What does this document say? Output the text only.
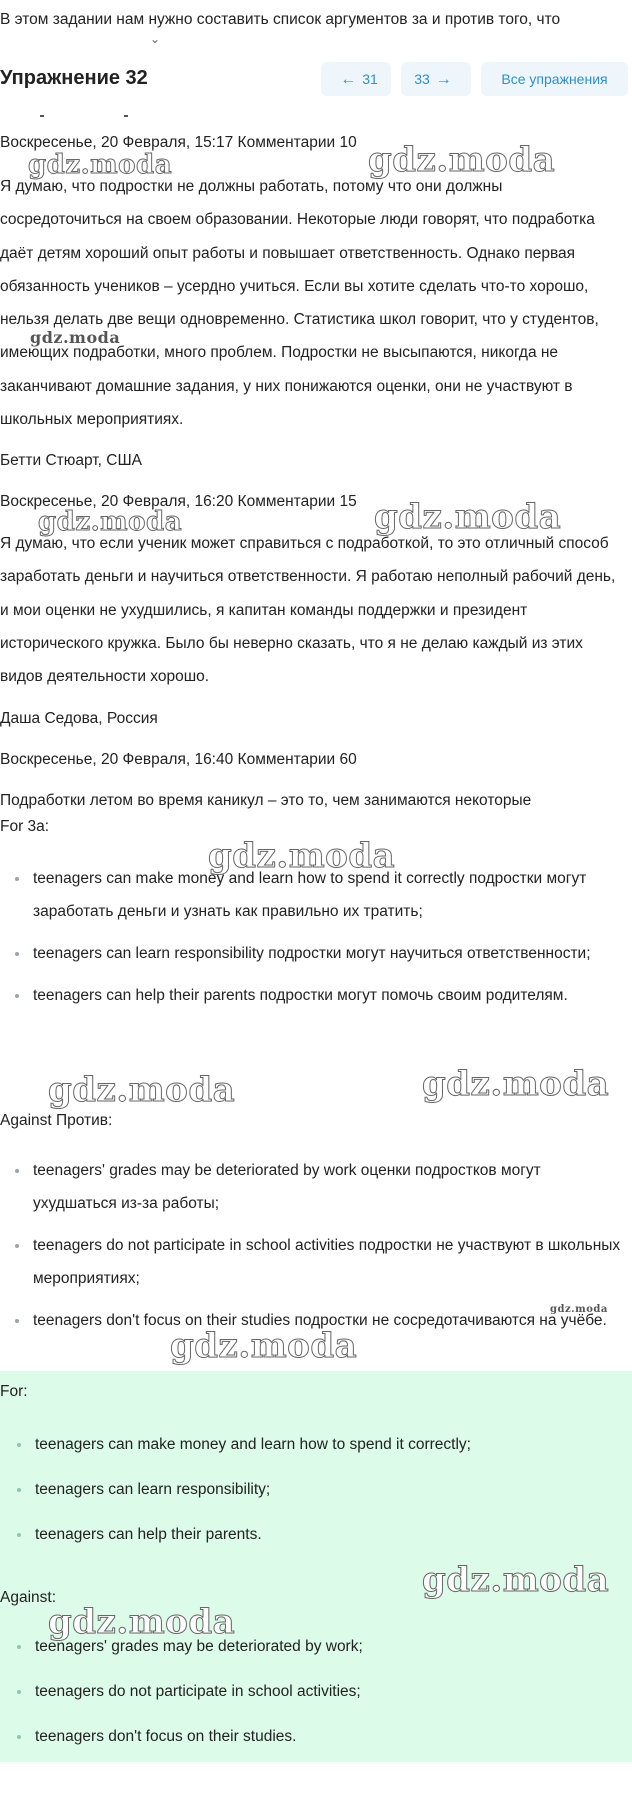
В этом задании нам нужно составить список аргументов за и против того, что

⌄
Упражнение 32	← 31	33 →	Все упражнения
Воскресенье, 20 Февраля, 15:17 Комментарии 10
Я думаю, что подростки не должны работать, потому что они должны сосредоточиться на своем образовании. Некоторые люди говорят, что подработка даёт детям хороший опыт работы и повышает ответственность. Однако первая обязанность учеников – усердно учиться. Если вы хотите сделать что-то хорошо, нельзя делать две вещи одновременно. Статистика школ говорит, что у студентов, имеющих подработки, много проблем. Подростки не высыпаются, никогда не заканчивают домашние задания, у них понижаются оценки, они не участвуют в школьных мероприятиях.
Бетти Стюарт, США
Воскресенье, 20 Февраля, 16:20 Комментарии 15
Я думаю, что если ученик может справиться с подработкой, то это отличный способ заработать деньги и научиться ответственности. Я работаю неполный рабочий день, и мои оценки не ухудшились, я капитан команды поддержки и президент исторического кружка. Было бы неверно сказать, что я не делаю каждый из этих видов деятельности хорошо.
Даша Седова, Россия
Воскресенье, 20 Февраля, 16:40 Комментарии 60
Подработки летом во время каникул – это то, чем занимаются некоторые
For 3a:
teenagers can make money and learn how to spend it correctly подростки могут заработать деньги и узнать как правильно их тратить;
teenagers can learn responsibility подростки могут научиться ответственности;
teenagers can help their parents подростки могут помочь своим родителям.
Against Против:
teenagers' grades may be deteriorated by work оценки подростков могут ухудшаться из-за работы;
teenagers do not participate in school activities подростки не участвуют в школьных мероприятиях;
teenagers don't focus on their studies подростки не сосредотачиваются на учёбе.
For:
teenagers can make money and learn how to spend it correctly;
teenagers can learn responsibility;
teenagers can help their parents.
Against:
teenagers' grades may be deteriorated by work;
teenagers do not participate in school activities;
teenagers don't focus on their studies.
gdz.moda	gdz.moda
gdz.moda
gdz.moda	gdz.moda
gdz.moda
gdz.moda	gdz.moda
gdz.moda
gdz.moda
gdz.moda
gdz.moda
